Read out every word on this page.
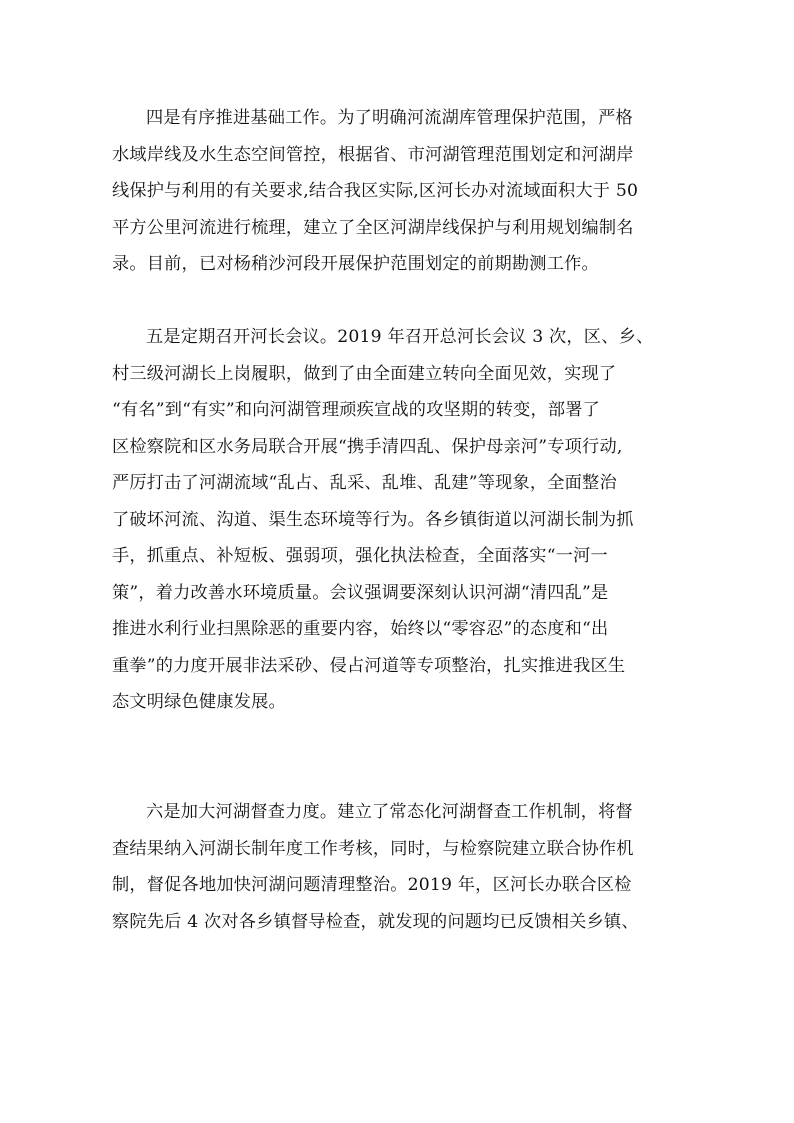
四是有序推进基础工作。为了明确河流湖库管理保护范围，严格
水域岸线及水生态空间管控，根据省、市河湖管理范围划定和河湖岸
线保护与利用的有关要求,结合我区实际,区河长办对流域面积大于 50
平方公里河流进行梳理，建立了全区河湖岸线保护与利用规划编制名
录。目前，已对杨稍沙河段开展保护范围划定的前期勘测工作。
五是定期召开河长会议。2019 年召开总河长会议 3 次，区、乡、
村三级河湖长上岗履职，做到了由全面建立转向全面见效，实现了
“有名”到“有实”和向河湖管理顽疾宣战的攻坚期的转变，部署了
区检察院和区水务局联合开展“携手清四乱、保护母亲河”专项行动,
严厉打击了河湖流域“乱占、乱采、乱堆、乱建”等现象，全面整治
了破坏河流、沟道、渠生态环境等行为。各乡镇街道以河湖长制为抓
手，抓重点、补短板、强弱项，强化执法检查，全面落实“一河一
策”，着力改善水环境质量。会议强调要深刻认识河湖“清四乱”是
推进水利行业扫黑除恶的重要内容，始终以“零容忍”的态度和“出
重拳”的力度开展非法采砂、侵占河道等专项整治，扎实推进我区生
态文明绿色健康发展。
六是加大河湖督查力度。建立了常态化河湖督查工作机制，将督
查结果纳入河湖长制年度工作考核，同时，与检察院建立联合协作机
制，督促各地加快河湖问题清理整治。2019 年，区河长办联合区检
察院先后 4 次对各乡镇督导检查，就发现的问题均已反馈相关乡镇、
